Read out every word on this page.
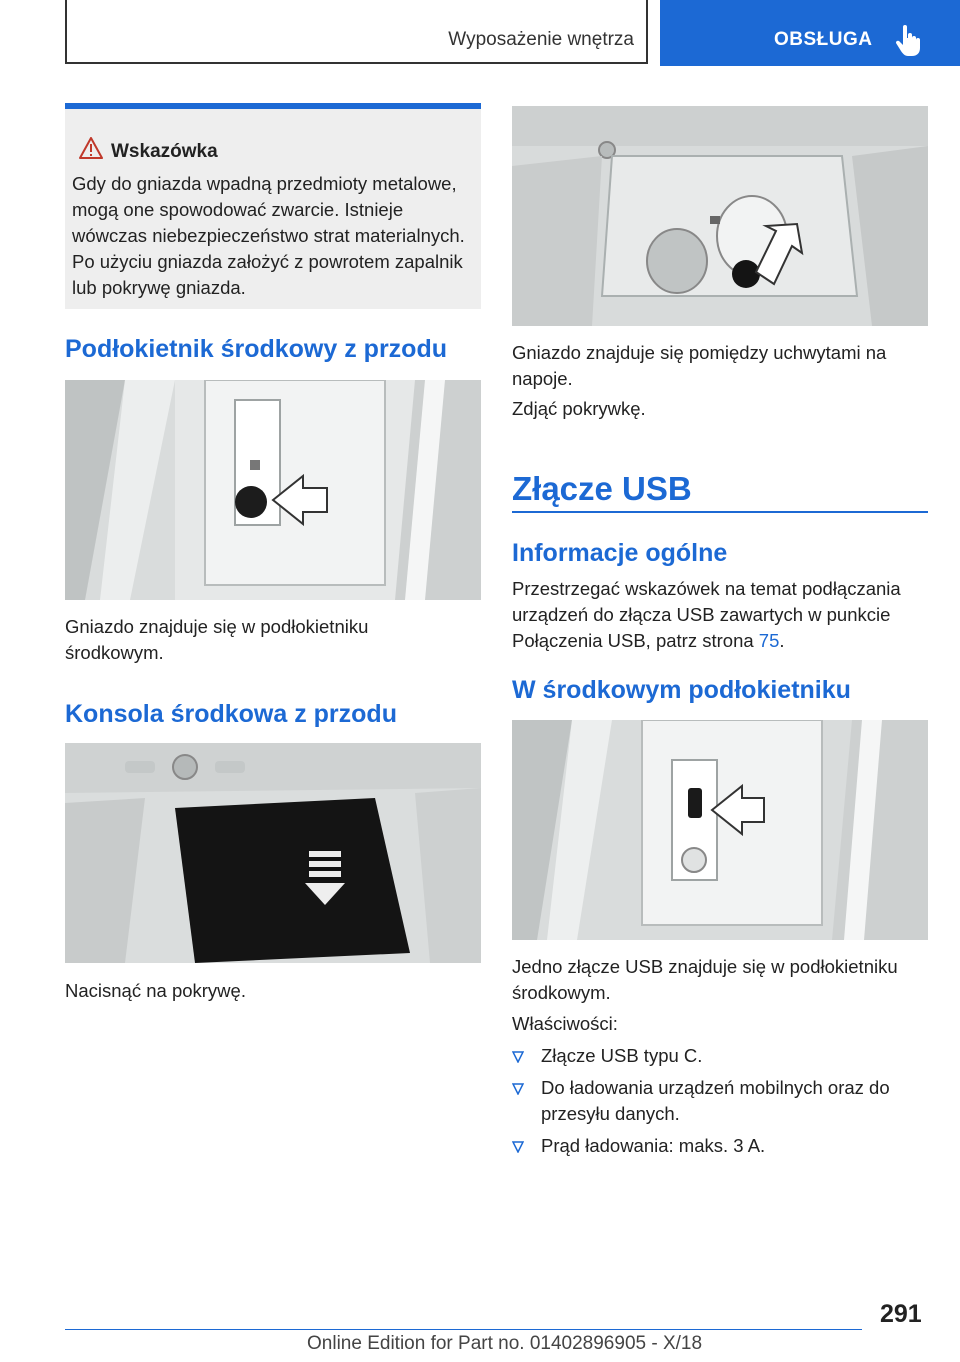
Wyposażenie wnętrza	OBSŁUGA
Wskazówka
Gdy do gniazda wpadną przedmioty metalowe, mogą one spowodować zwarcie. Istnieje wówczas niebezpieczeństwo strat materialnych. Po użyciu gniazda założyć z powrotem zapalnik lub pokrywę gniazda.
Podłokietnik środkowy z przodu

Gniazdo znajduje się w podłokietniku środkowym.

Konsola środkowa z przodu

Nacisnąć na pokrywę.

Gniazdo znajduje się pomiędzy uchwytami na napoje.

Zdjąć pokrywkę.

Złącze USB
Informacje ogólne

Przestrzegać wskazówek na temat podłączania urządzeń do złącza USB zawartych w punkcie Połączenia USB, patrz strona 75.

W środkowym podłokietniku

Jedno złącze USB znajduje się w podłokietniku środkowym.

Właściwości:

Złącze USB typu C.
Do ładowania urządzeń mobilnych oraz do przesyłu danych.
Prąd ładowania: maks. 3 A.
291
Online Edition for Part no. 01402896905 - X/18
